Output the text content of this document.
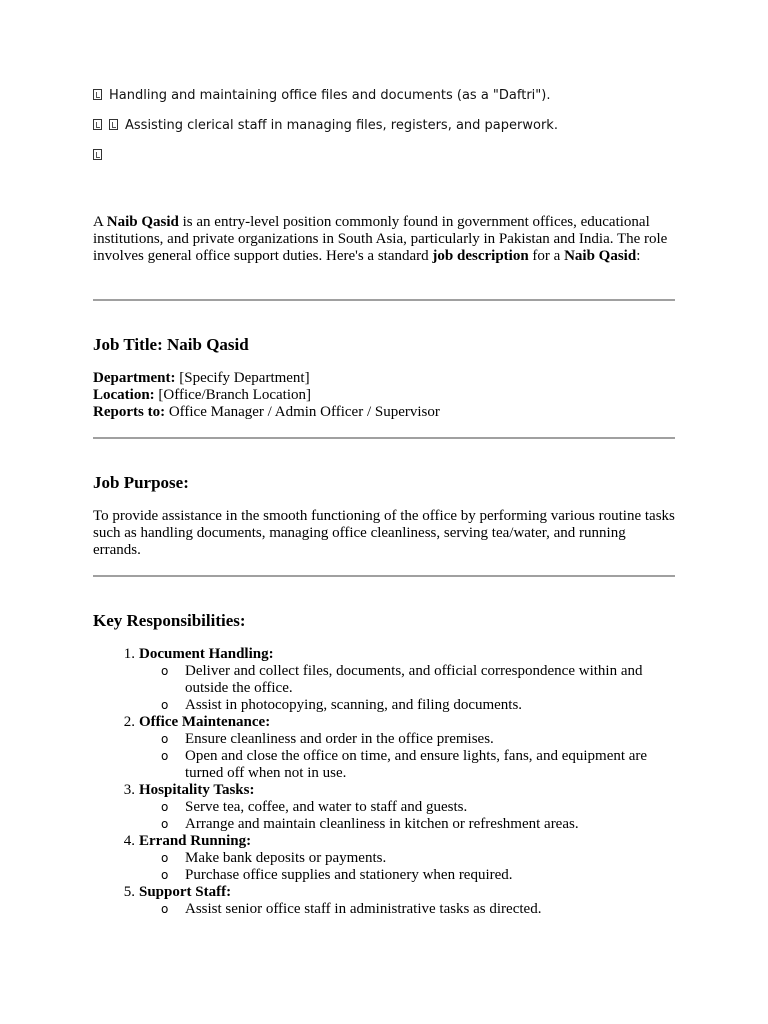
Handling and maintaining office files and documents (as a "Daftri").
Assisting clerical staff in managing files, registers, and paperwork.
A Naib Qasid is an entry-level position commonly found in government offices, educational institutions, and private organizations in South Asia, particularly in Pakistan and India. The role involves general office support duties. Here's a standard job description for a Naib Qasid:
Job Title: Naib Qasid
Department: [Specify Department]
Location: [Office/Branch Location]
Reports to: Office Manager / Admin Officer / Supervisor
Job Purpose:
To provide assistance in the smooth functioning of the office by performing various routine tasks such as handling documents, managing office cleanliness, serving tea/water, and running errands.
Key Responsibilities:
1. Document Handling:
o Deliver and collect files, documents, and official correspondence within and outside the office.
o Assist in photocopying, scanning, and filing documents.
2. Office Maintenance:
o Ensure cleanliness and order in the office premises.
o Open and close the office on time, and ensure lights, fans, and equipment are turned off when not in use.
3. Hospitality Tasks:
o Serve tea, coffee, and water to staff and guests.
o Arrange and maintain cleanliness in kitchen or refreshment areas.
4. Errand Running:
o Make bank deposits or payments.
o Purchase office supplies and stationery when required.
5. Support Staff:
o Assist senior office staff in administrative tasks as directed.
